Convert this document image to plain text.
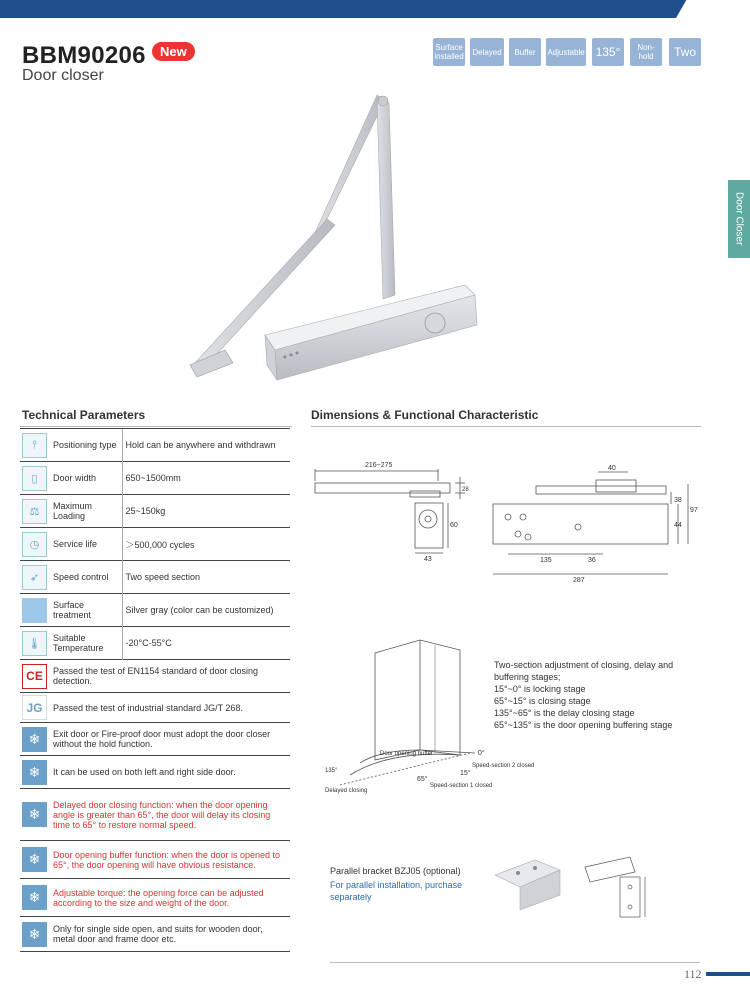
BBM90206	New
Door closer
Surface installed Delayed	Buffer	Adjustable 135°	Non-hold	Two
Door Closer
Technical Parameters	Dimensions & Functional Characteristic
⫯	Positioning type	Hold can be anywhere and withdrawn

▯	Door width	650~1500mm

⚖	Maximum Loading	25~150kg

◷	Service life	＞500,000 cycles

➶	Speed control	Two speed section

	Surface treatment	Silver gray (color can be customized)

🌡	Suitable Temperature	-20°C-55°C

CE	Passed the test of EN1154 standard of door closing detection.	

JG	Passed the test of industrial standard JG/T 268.	

❄	Exit door or Fire-proof door must adopt the door closer without the hold function.	

❄	It can be used on both left and right side door.	

❄	Delayed door closing function: when the door opening angle is greater than 65°, the door will delay its closing time to 65° to restore normal speed.	

❄	Door opening buffer function: when the door is opened to 65°, the door opening will have obvious resistance.	

❄	Adjustable torque: the opening force can be adjusted according to the size and weight of the door.	

❄	Only for single side open, and suits for wooden door, metal door and frame door etc.	
216~275
28
60
43
40
38
44
97
135	36
287
135°
0°
15°
65°
Door opening buffer
Speed-section 2 closed
Speed-section 1 closed
Delayed closing
Two-section adjustment of closing, delay and
buffering stages;
15°~0° is locking stage
65°~15° is closing stage
135°~65° is the delay closing stage
65°~135° is the door opening buffering stage
Parallel bracket BZJ05 (optional)
For parallel installation, purchase separately
112
